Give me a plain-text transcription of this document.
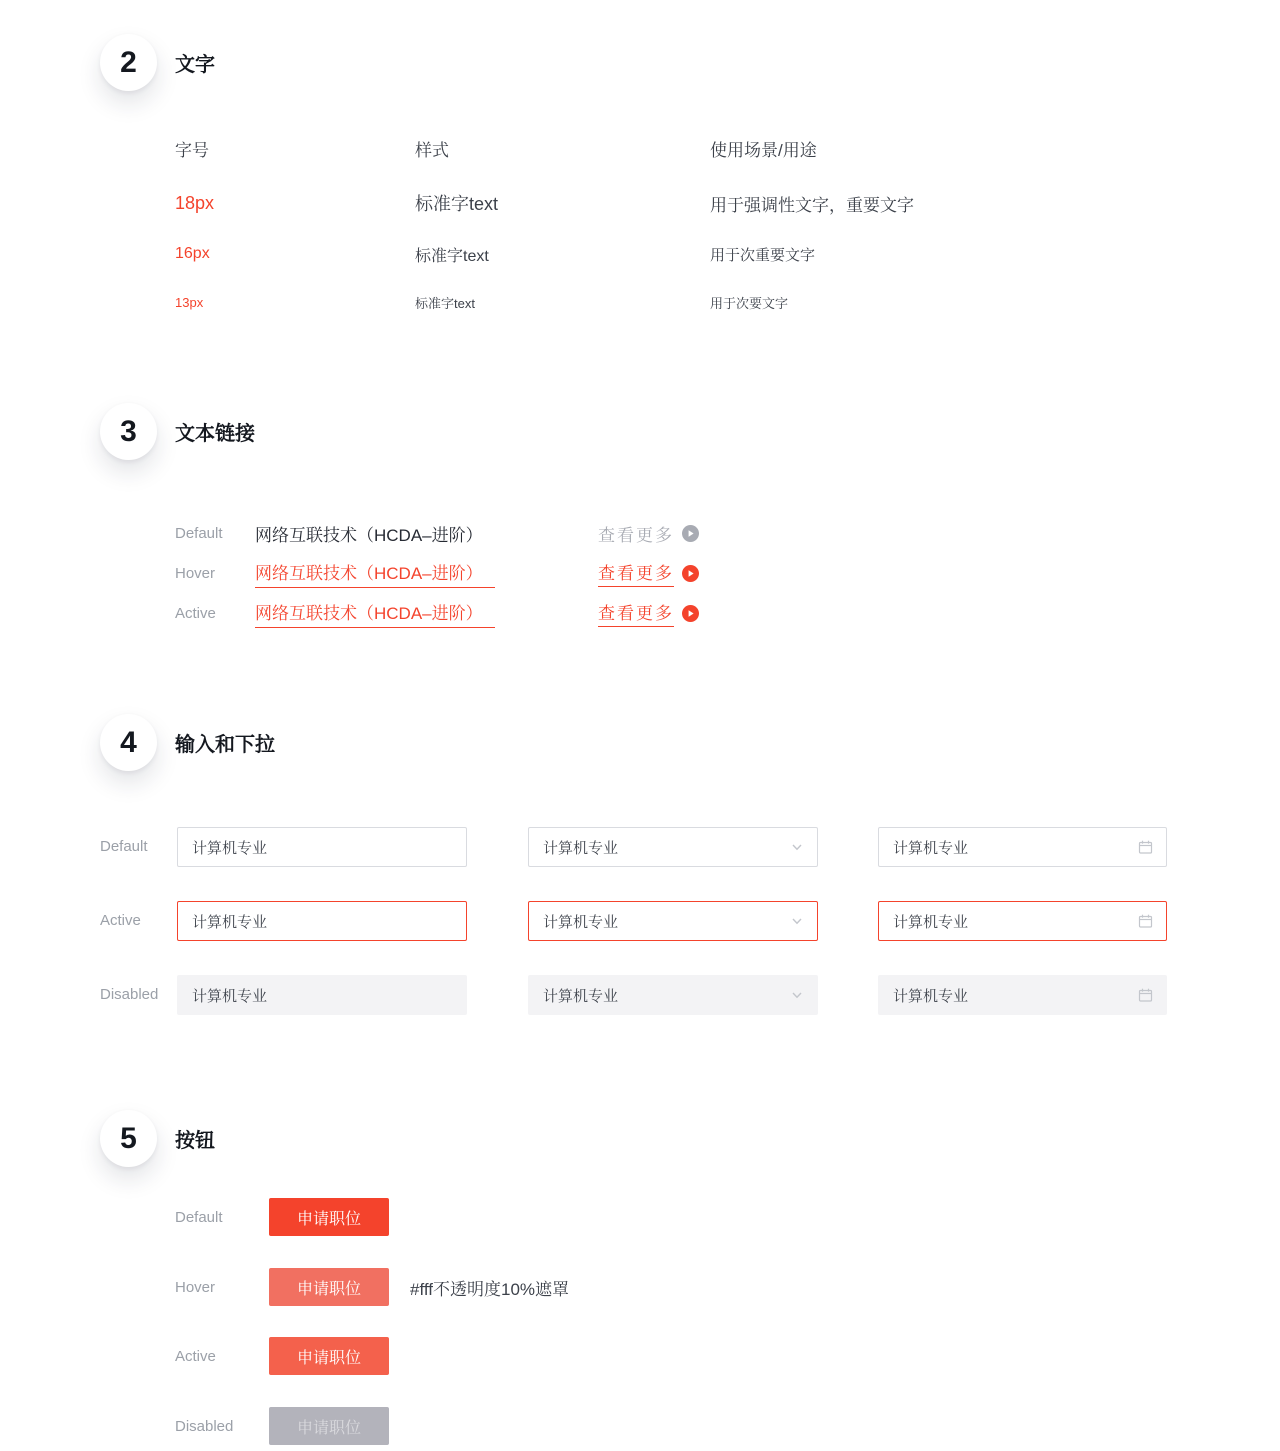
2 文字
字号	样式	使用场景/用途
18px	标准字text	用于强调性文字，重要文字
16px	标准字text	用于次重要文字
13px	标准字text	用于次要文字
3 文本链接
Default	网络互联技术（HCDA–进阶）	查看更多
Hover	网络互联技术（HCDA–进阶）	查看更多
Active	网络互联技术（HCDA–进阶）	查看更多
4 输入和下拉
Default
计算机专业	计算机专业	计算机专业
Active
计算机专业	计算机专业	计算机专业
Disabled
计算机专业	计算机专业	计算机专业
5 按钮
Default	申请职位
Hover	申请职位	#fff不透明度10%遮罩
Active	申请职位
Disabled	申请职位
